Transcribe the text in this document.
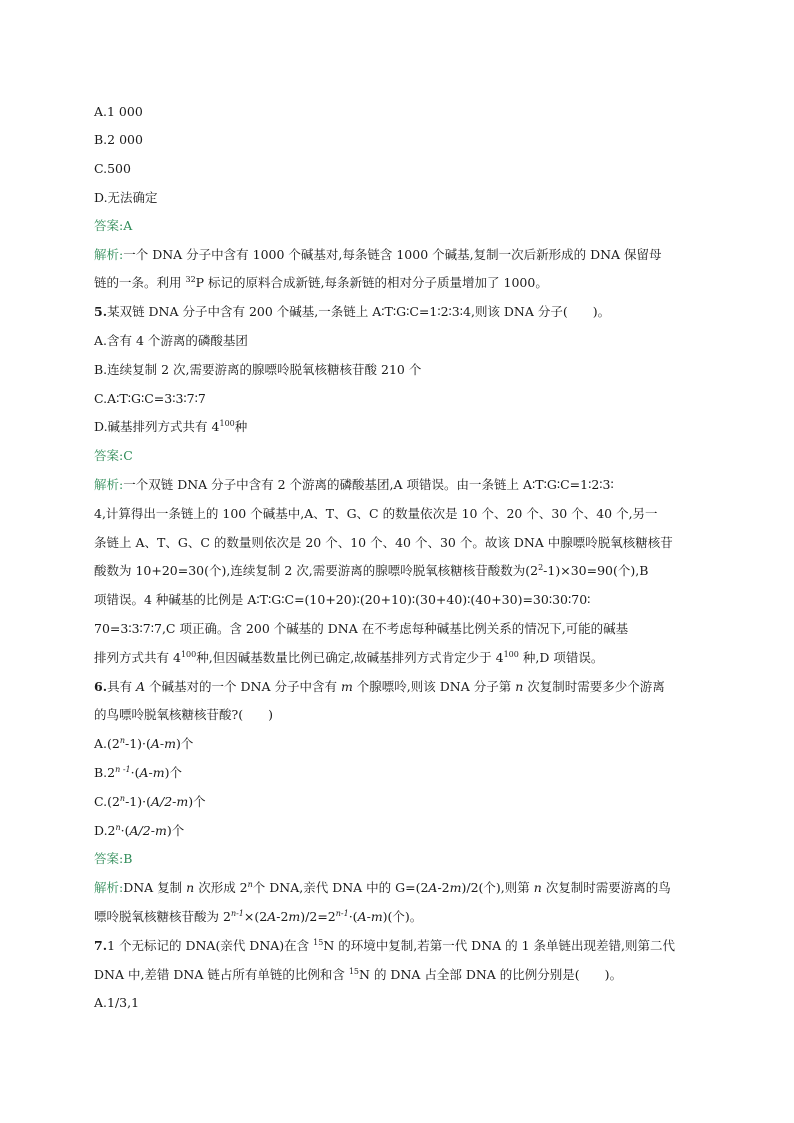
A.1 000
B.2 000
C.500
D.无法确定
答案:A
解析:一个 DNA 分子中含有 1000 个碱基对,每条链含 1000 个碱基,复制一次后新形成的 DNA 保留母
链的一条。利用 $^{32}$P 标记的原料合成新链,每条新链的相对分子质量增加了 1000。
5.某双链 DNA 分子中含有 200 个碱基,一条链上 A∶T∶G∶C=1∶2∶3∶4,则该 DNA 分子(　　)。
A.含有 4 个游离的磷酸基团
B.连续复制 2 次,需要游离的腺嘌呤脱氧核糖核苷酸 210 个
C.A∶T∶G∶C=3∶3∶7∶7
D.碱基排列方式共有 $4^{100}$种
答案:C
解析:一个双链 DNA 分子中含有 2 个游离的磷酸基团,A 项错误。由一条链上 A∶T∶G∶C=1∶2∶3∶
4,计算得出一条链上的 100 个碱基中,A、T、G、C 的数量依次是 10 个、20 个、30 个、40 个,另一
条链上 A、T、G、C 的数量则依次是 20 个、10 个、40 个、30 个。故该 DNA 中腺嘌呤脱氧核糖核苷
酸数为 10+20=30(个),连续复制 2 次,需要游离的腺嘌呤脱氧核糖核苷酸数为$(2^2-1)\times 30=90$(个),B
项错误。4 种碱基的比例是 A∶T∶G∶C=(10+20)∶(20+10)∶(30+40)∶(40+30)=30∶30∶70∶
70=3∶3∶7∶7,C 项正确。含 200 个碱基的 DNA 在不考虑每种碱基比例关系的情况下,可能的碱基
排列方式共有 $4^{100}$种,但因碱基数量比例已确定,故碱基排列方式肯定少于 $4^{100}$ 种,D 项错误。
6.具有 A 个碱基对的一个 DNA 分子中含有 m 个腺嘌呤,则该 DNA 分子第 n 次复制时需要多少个游离
的鸟嘌呤脱氧核糖核苷酸?(　　)
$A.(2^n-1)\cdot(A-m)$个
$B.2^{n -1}\cdot(A-m)$个
$C.(2^n-1)\cdot(A/2-m)$个
$D.2^n\cdot(A/2-m)$个
答案:B
解析:DNA 复制 n 次形成 2$^n$个 DNA,亲代 DNA 中的 G=(2A-2m)/2(个),则第 n 次复制时需要游离的鸟
嘌呤脱氧核糖核苷酸为 $2^{n-1}\times(2A-2m)/2=2^{n-1}\cdot(A-m)$(个)。
7.1 个无标记的 DNA(亲代 DNA)在含 $^{15}$N 的环境中复制,若第一代 DNA 的 1 条单链出现差错,则第二代
DNA 中,差错 DNA 链占所有单链的比例和含 $^{15}$N 的 DNA 占全部 DNA 的比例分别是(　　)。
A.1/3,1
